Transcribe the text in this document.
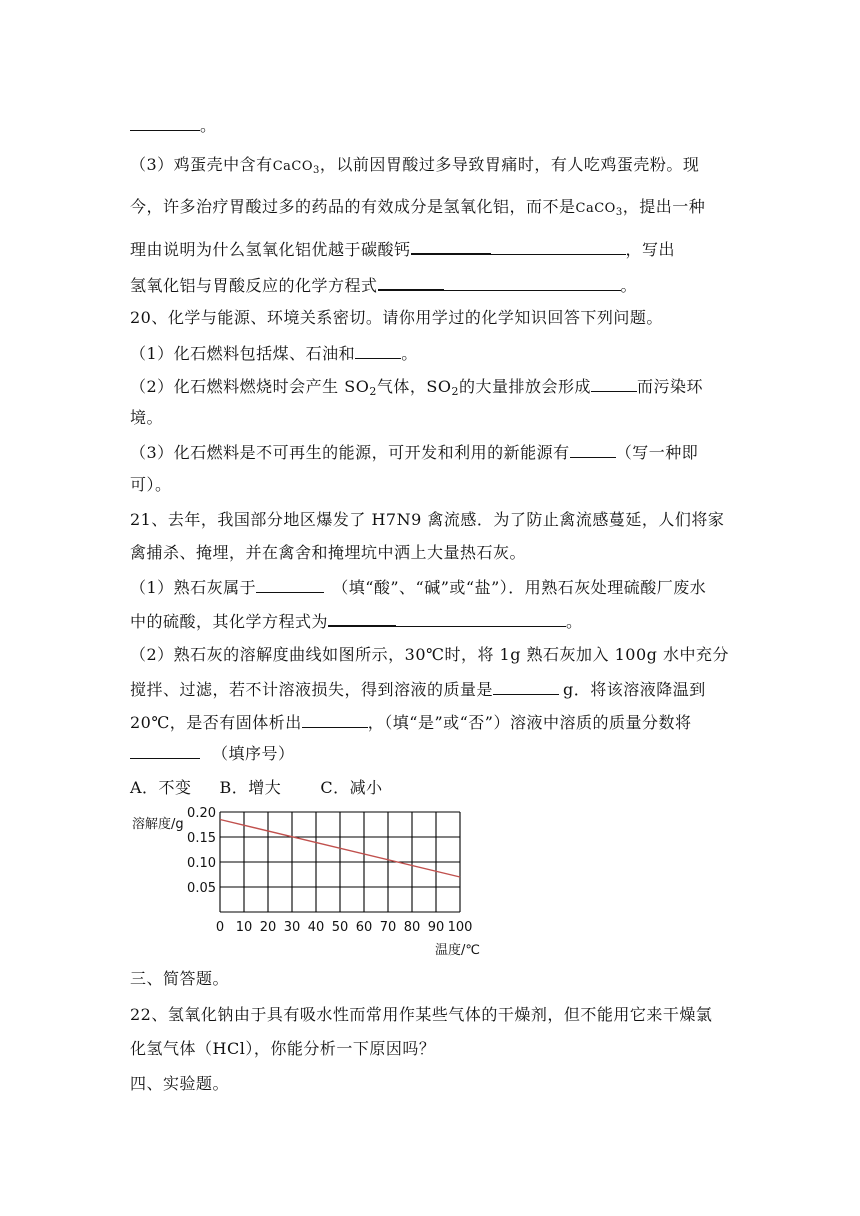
。
（3）鸡蛋壳中含有CaCO$_3$，以前因胃酸过多导致胃痛时，有人吃鸡蛋壳粉。现
今，许多治疗胃酸过多的药品的有效成分是氢氧化铝，而不是CaCO$_3$，提出一种
理由说明为什么氢氧化铝优越于碳酸钙	，写出
氢氧化铝与胃酸反应的化学方程式	。
20、化学与能源、环境关系密切。请你用学过的化学知识回答下列问题。
（1）化石燃料包括煤、石油和	。
（2）化石燃料燃烧时会产生 SO2气体，SO2的大量排放会形成	而污染环
境。
（3）化石燃料是不可再生的能源，可开发和利用的新能源有	（写一种即
可）。
21、去年，我国部分地区爆发了 H7N9 禽流感．为了防止禽流感蔓延，人们将家
禽捕杀、掩埋，并在禽舍和掩埋坑中洒上大量热石灰。
（1）熟石灰属于	（填“酸”、“碱”或“盐”）．用熟石灰处理硫酸厂废水
中的硫酸，其化学方程式为	。
（2）熟石灰的溶解度曲线如图所示，30℃时，将 1g 熟石灰加入 100g 水中充分
搅拌、过滤，若不计溶液损失，得到溶液的质量是	g．将该溶液降温到
20℃，是否有固体析出	，（填“是”或“否”）溶液中溶质的质量分数将
（填序号）
A．不变     B．增大       C．减小
溶解度/g
0.20
0.15
0.10
0.05
0 10 20 30 40 50 60 70 80 90 100
温度/℃
三、简答题。
22、氢氧化钠由于具有吸水性而常用作某些气体的干燥剂，但不能用它来干燥氯
化氢气体（HCl），你能分析一下原因吗？
四、实验题。
